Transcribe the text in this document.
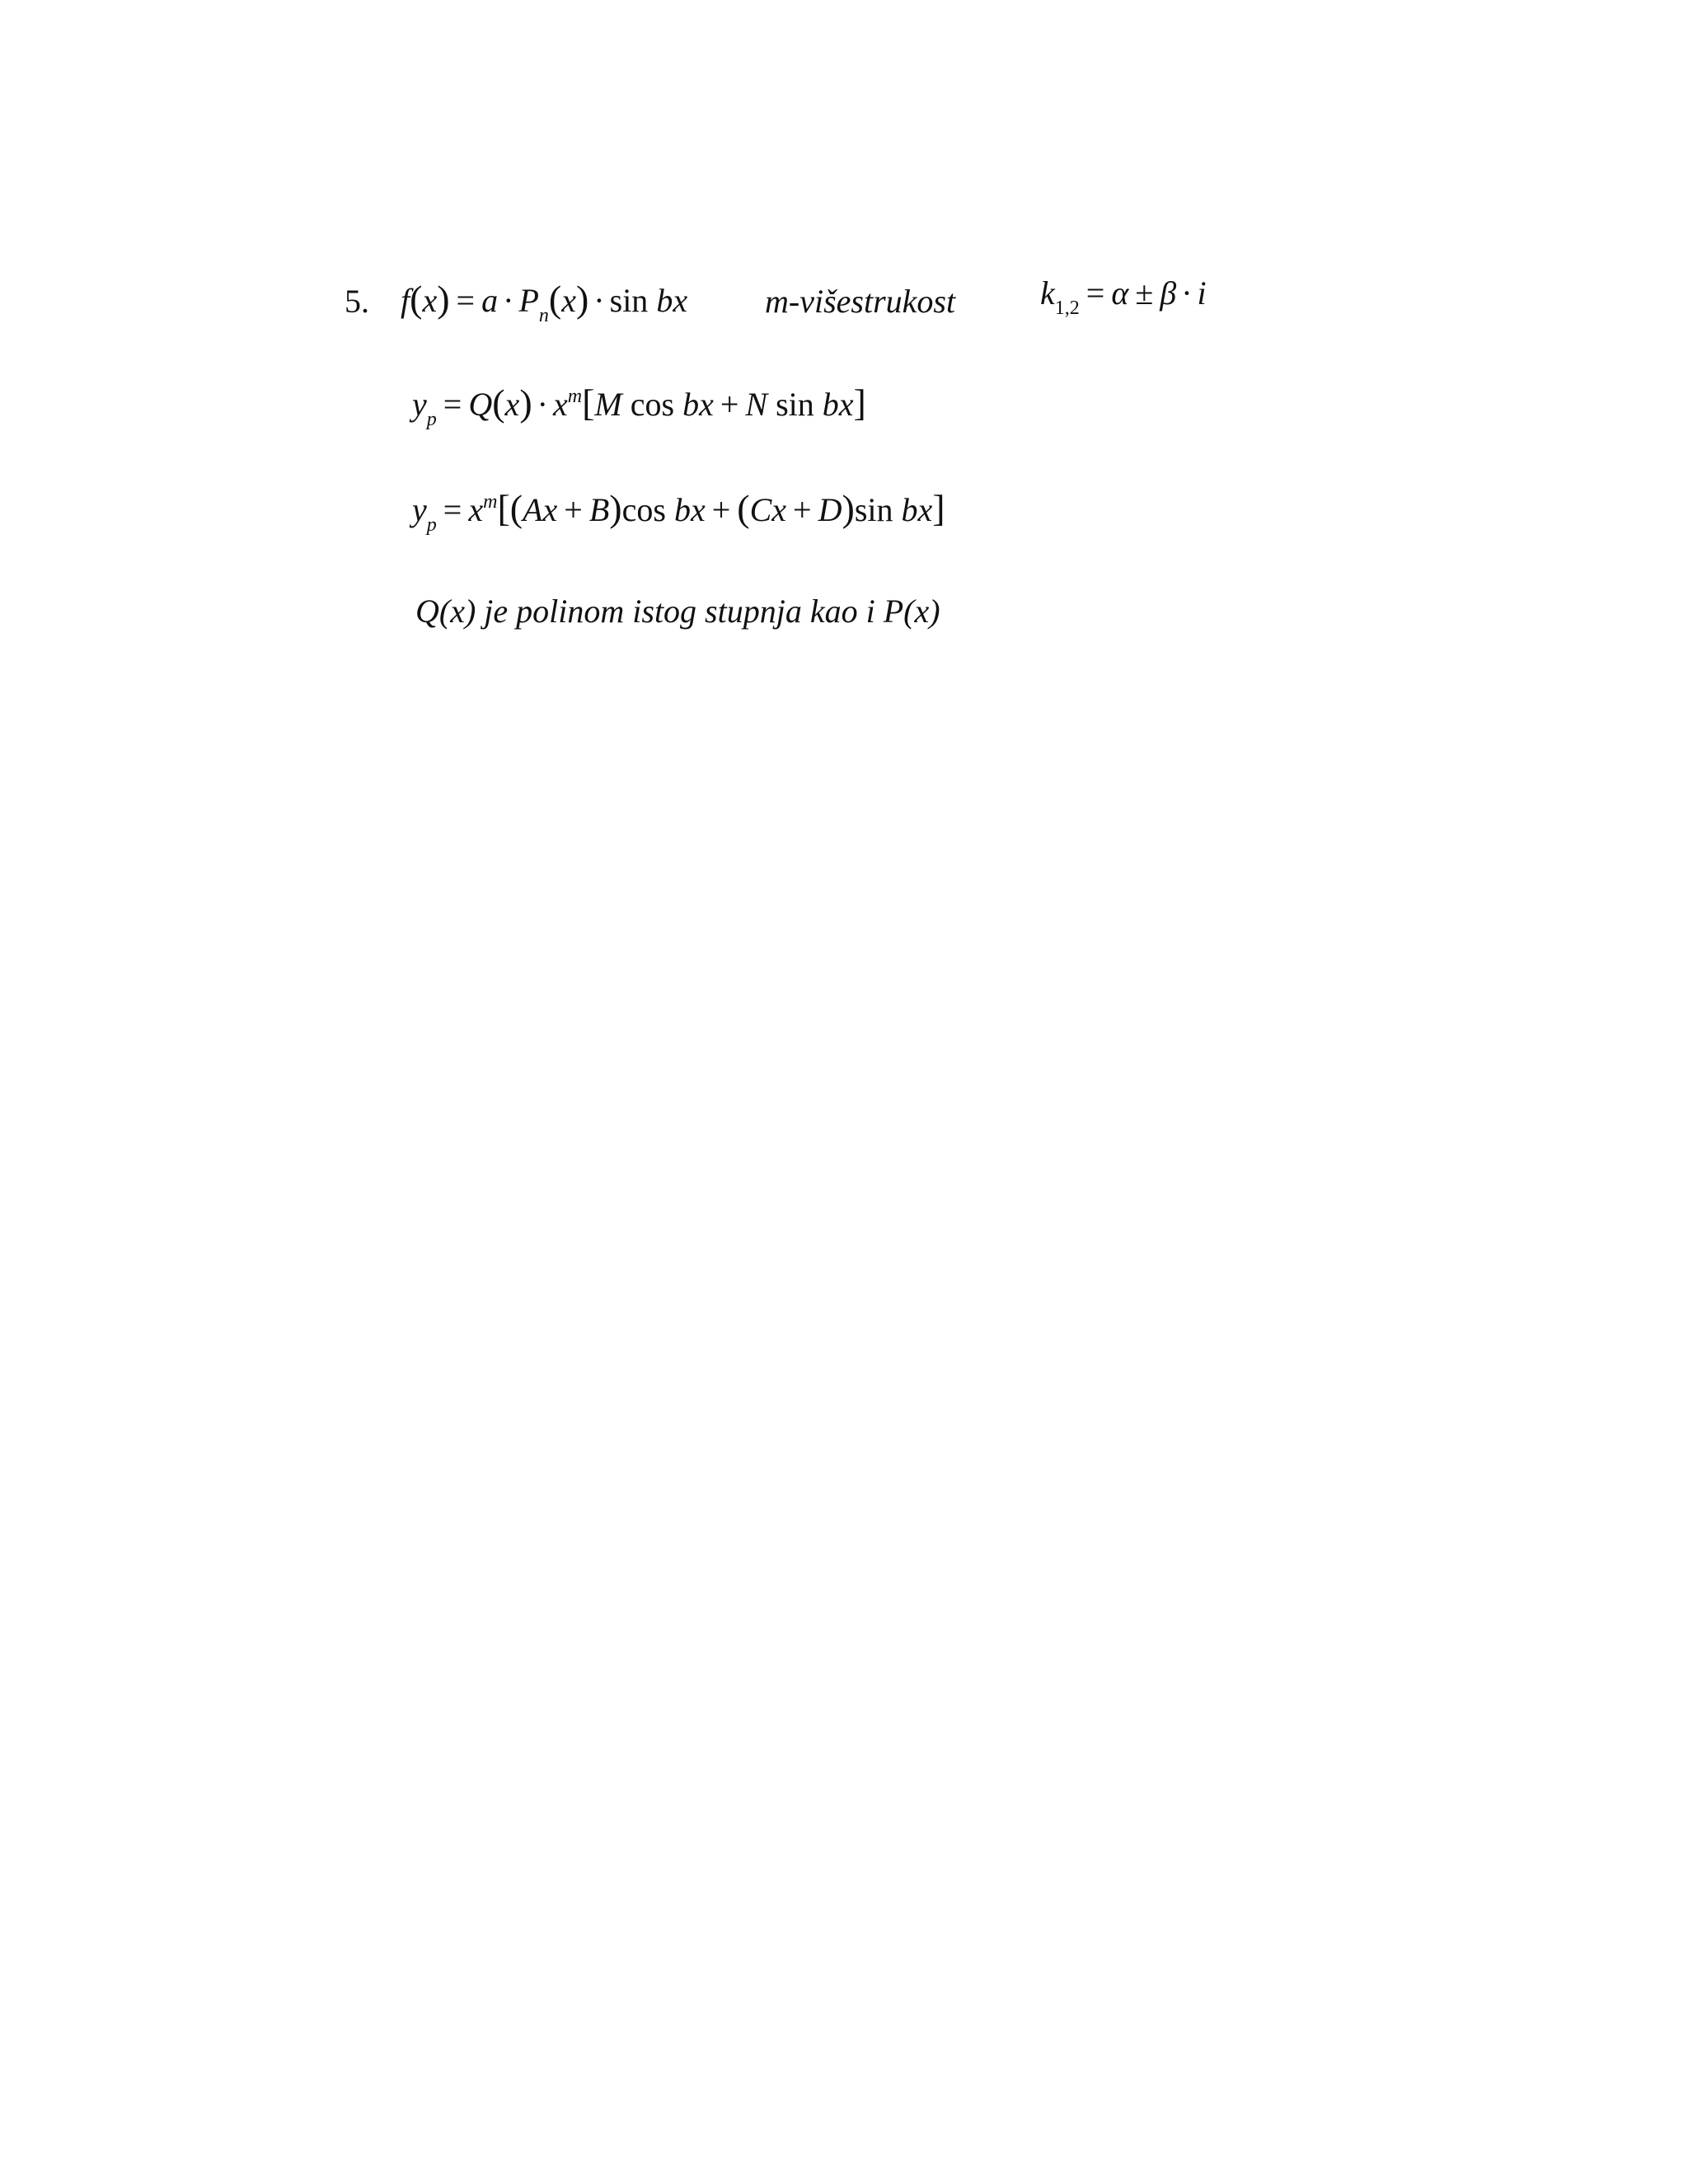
5. $f(x) = a \cdot P_n(x) \cdot \sin$ bx m-višestrukost	$k_{1,2} = \alpha \pm \beta \cdot i$
$y_p = Q(x) \cdot x^m[M$ cos bx + N sin bx]
$y_p = x^m[(Ax + B)\cos$ bx + (Cx + D)sin bx]
Q(x) je polinom istog stupnja kao i P(x)
